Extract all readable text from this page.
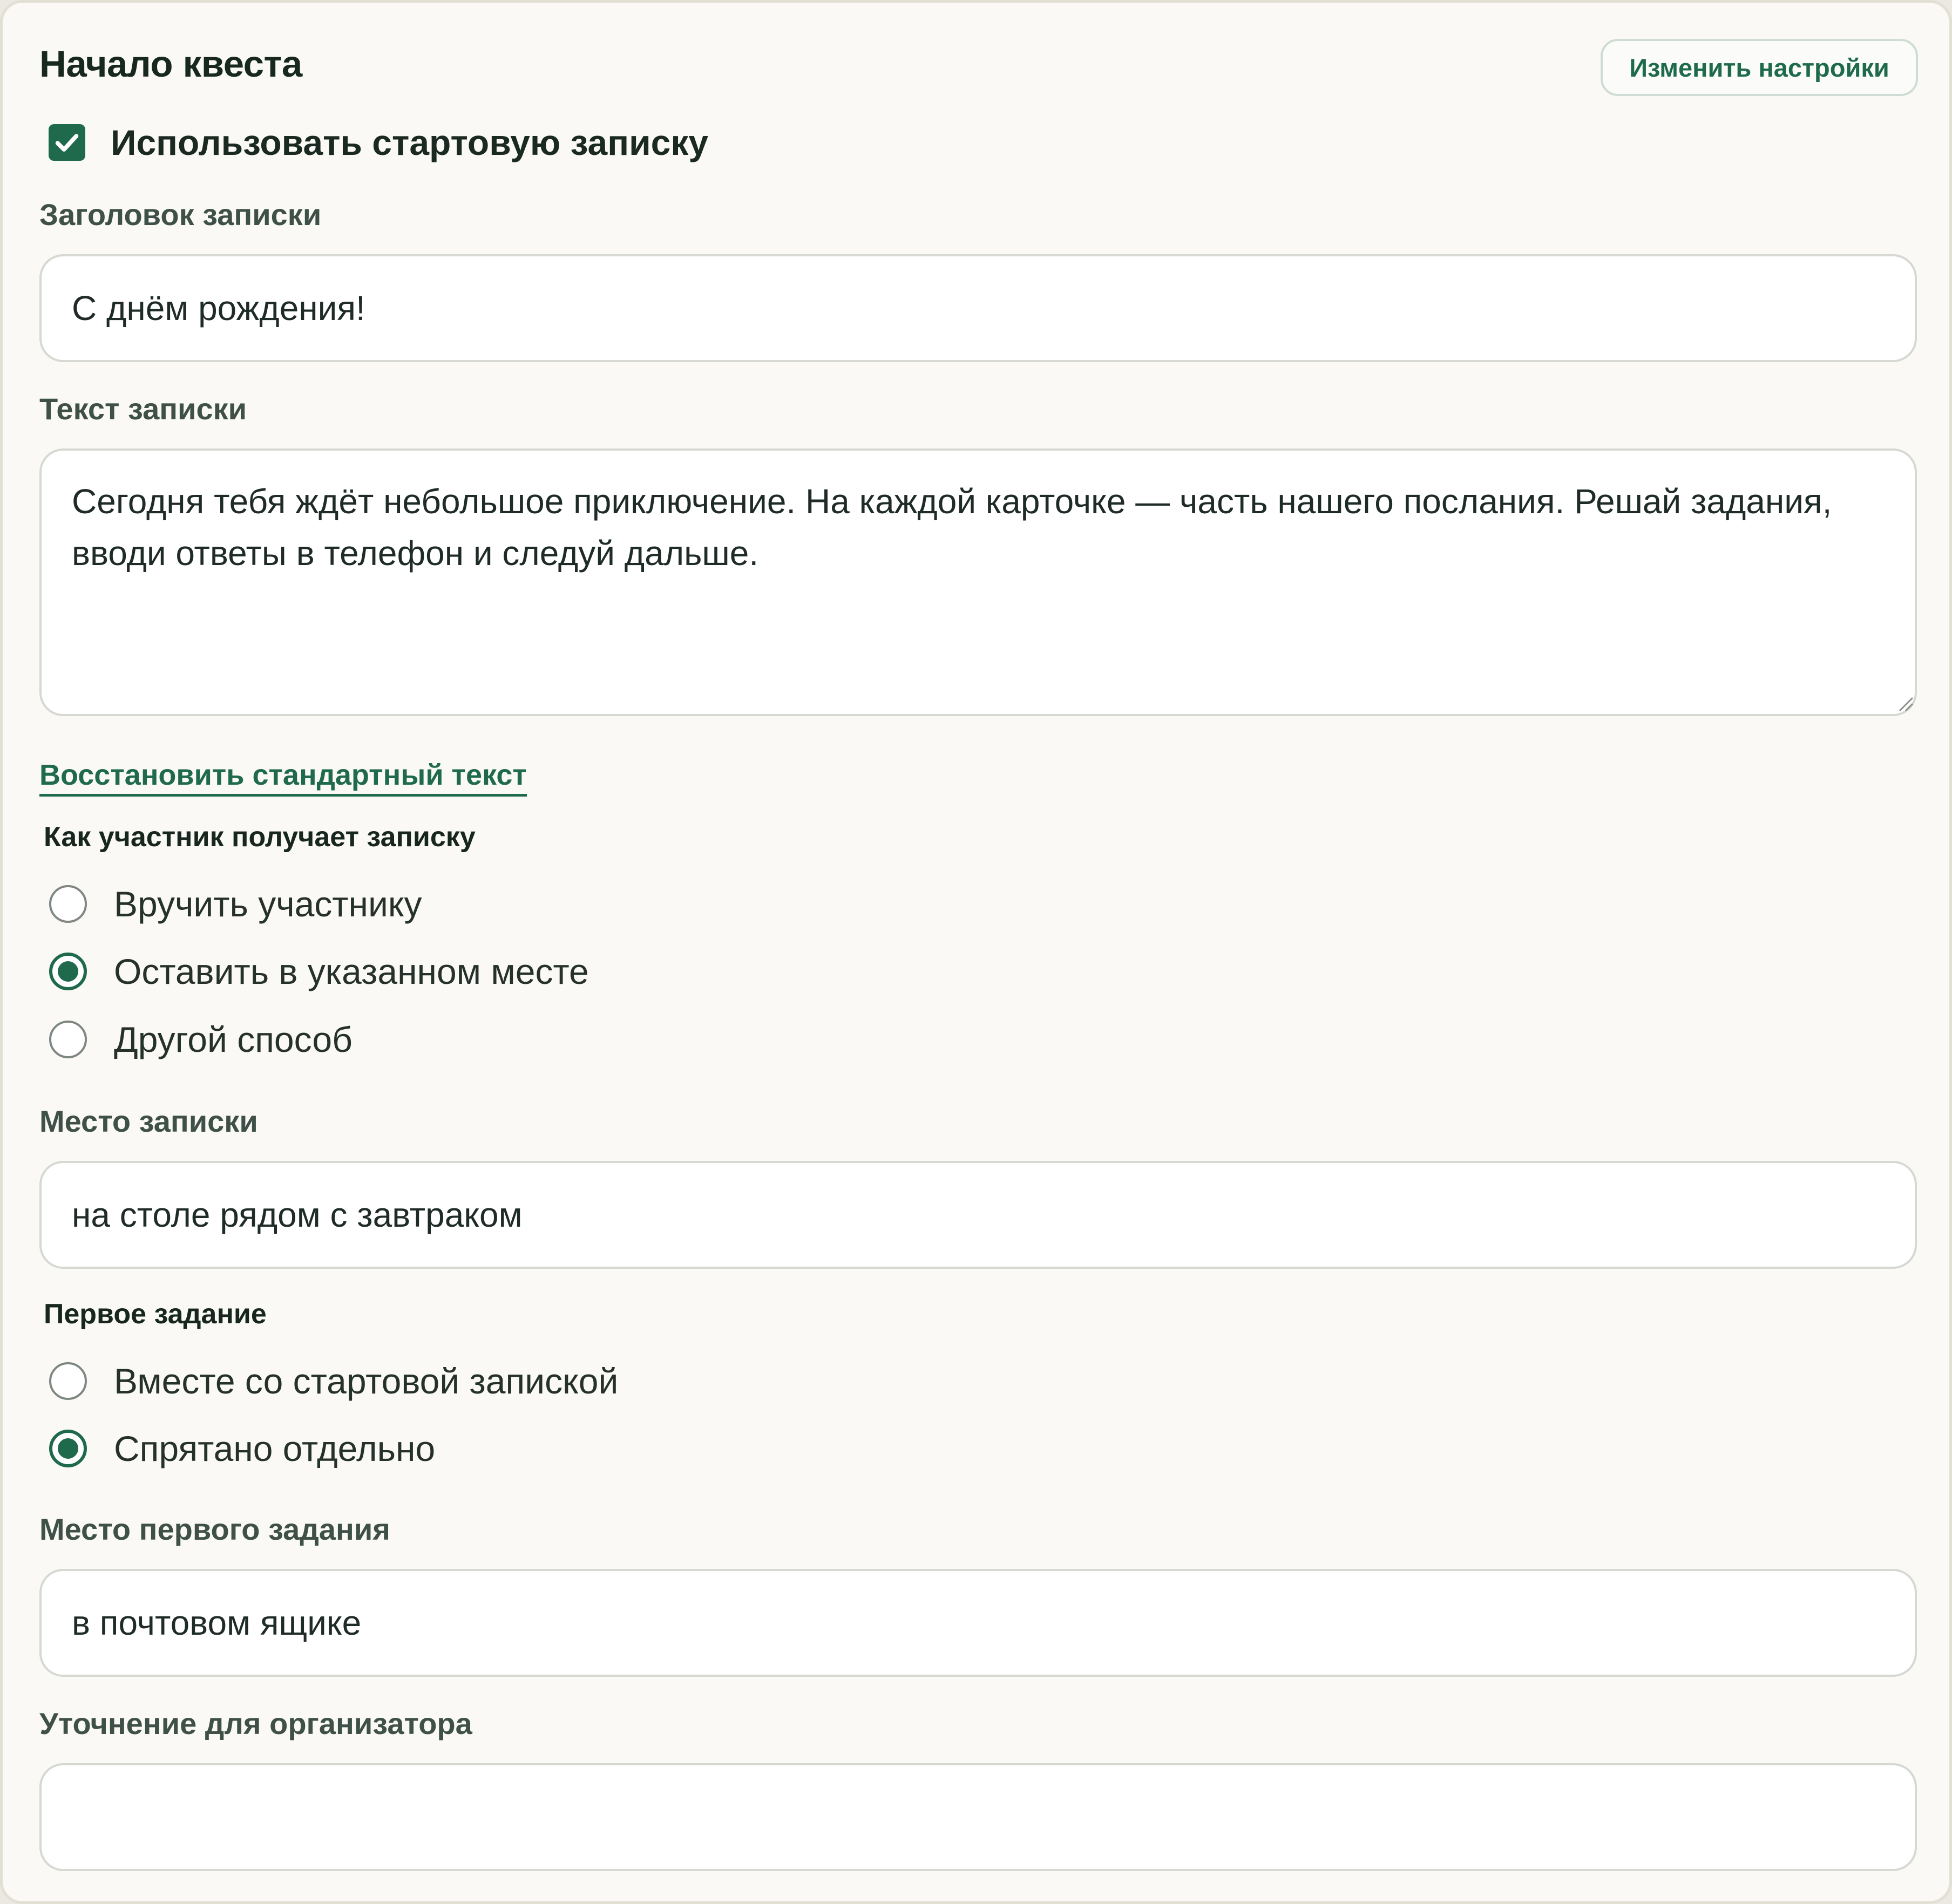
Начало квеста	Изменить настройки
Использовать стартовую записку
Заголовок записки
С днём рождения!
Текст записки
Сегодня тебя ждёт небольшое приключение. На каждой карточке — часть нашего послания. Решай задания, вводи ответы в телефон и следуй дальше.
Восстановить стандартный текст
Как участник получает записку
Вручить участнику
Оставить в указанном месте
Другой способ
Место записки
на столе рядом с завтраком
Первое задание
Вместе со стартовой запиской
Спрятано отдельно
Место первого задания
в почтовом ящике
Уточнение для организатора
